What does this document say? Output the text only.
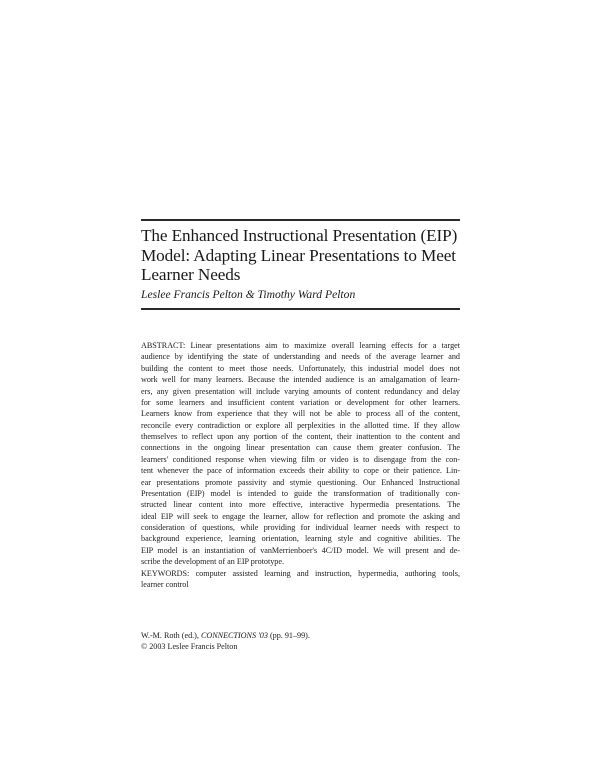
The Enhanced Instructional Presentation (EIP)
Model: Adapting Linear Presentations to Meet
Learner Needs

Leslee Francis Pelton & Timothy Ward Pelton

ABSTRACT: Linear presentations aim to maximize overall learning effects for a target
audience by identifying the state of understanding and needs of the average learner and
building the content to meet those needs. Unfortunately, this industrial model does not
work well for many learners. Because the intended audience is an amalgamation of learn-
ers, any given presentation will include varying amounts of content redundancy and delay
for some learners and insufficient content variation or development for other learners.
Learners know from experience that they will not be able to process all of the content,
reconcile every contradiction or explore all perplexities in the allotted time. If they allow
themselves to reflect upon any portion of the content, their inattention to the content and
connections in the ongoing linear presentation can cause them greater confusion. The
learners' conditioned response when viewing film or video is to disengage from the con-
tent whenever the pace of information exceeds their ability to cope or their patience. Lin-
ear presentations promote passivity and stymie questioning. Our Enhanced Instructional
Presentation (EIP) model is intended to guide the transformation of traditionally con-
structed linear content into more effective, interactive hypermedia presentations. The
ideal EIP will seek to engage the learner, allow for reflection and promote the asking and
consideration of questions, while providing for individual learner needs with respect to
background experience, learning orientation, learning style and cognitive abilities. The
EIP model is an instantiation of vanMerrienboer's 4C/ID model. We will present and de-
scribe the development of an EIP prototype.
KEYWORDS: computer assisted learning and instruction, hypermedia, authoring tools,
learner control
W.-M. Roth (ed.), CONNECTIONS '03 (pp. 91–99).
© 2003 Leslee Francis Pelton
